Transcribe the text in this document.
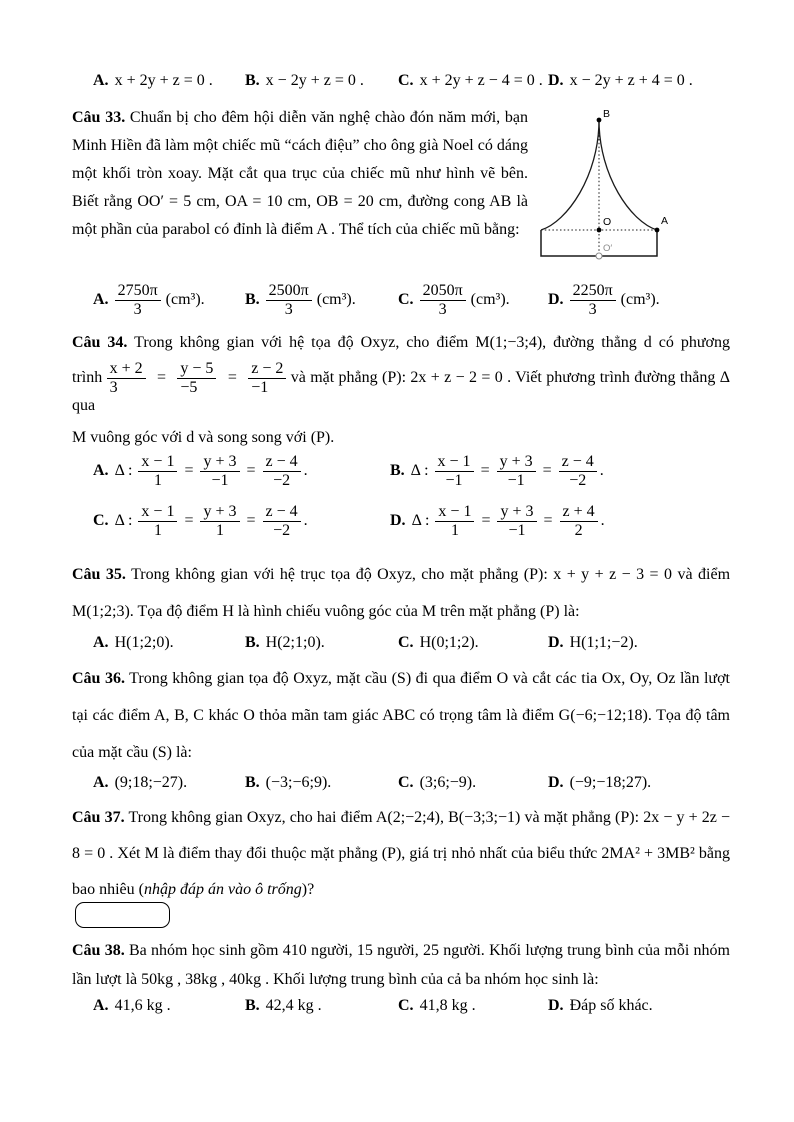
A. x + 2y + z = 0 .	B. x − 2y + z = 0 .	C. x + 2y + z − 4 = 0 . D. x − 2y + z + 4 = 0 .

Câu 33. Chuẩn bị cho đêm hội diễn văn nghệ chào đón năm mới, bạn Minh Hiền đã làm một chiếc mũ “cách điệu” cho ông già Noel có dáng một khối tròn xoay. Mặt cắt qua trục của chiếc mũ như hình vẽ bên. Biết rằng OO′ = 5 cm, OA = 10 cm, OB = 20 cm, đường cong AB là một phần của parabol có đỉnh là điểm A . Thể tích của chiếc mũ bằng:

B
O	A
O′
A. $\frac{2750\pi}{3} (cm^3)$.	B. $\frac{2500\pi}{3} (cm^3)$.	C. $\frac{2050\pi}{3} (cm^3)$. D. $\frac{2250\pi}{3} (cm^3)$.
Câu 34. Trong không gian với hệ tọa độ Oxyz, cho điểm M(1;−3;4), đường thẳng d có phương
trình $\frac{x + 2}{3} = \frac{y - 5}{-5} = \frac{z - 2}{-1}$ và mặt phẳng (P): 2x + z − 2 = 0 . Viết phương trình đường thẳng Δ qua
M vuông góc với d và song song với (P).
A. Δ : $\frac{x - 1}{1} = \frac{y + 3}{-1} = \frac{z - 4}{-2}$ .	B. Δ : $\frac{x - 1}{-1} = \frac{y + 3}{-1} = \frac{z - 4}{-2}$ .
C. Δ : $\frac{x - 1}{1} = \frac{y + 3}{1} = \frac{z - 4}{-2}$ .	D. Δ : $\frac{x - 1}{1} = \frac{y + 3}{-1} = \frac{z + 4}{2}$ .

Câu 35. Trong không gian với hệ trục tọa độ Oxyz, cho mặt phẳng (P): x + y + z − 3 = 0 và điểm M(1;2;3). Tọa độ điểm H là hình chiếu vuông góc của M trên mặt phẳng (P) là:

A. H(1;2;0).	B. H(2;1;0).	C. H(0;1;2).	D. H(1;1;−2).

Câu 36. Trong không gian tọa độ Oxyz, mặt cầu (S) đi qua điểm O và cắt các tia Ox, Oy, Oz lần lượt tại các điểm A, B, C khác O thỏa mãn tam giác ABC có trọng tâm là điểm G(−6;−12;18). Tọa độ tâm của mặt cầu (S) là:

A. (9;18;−27).	B. (−3;−6;9).	C. (3;6;−9).	D. (−9;−18;27).

Câu 37. Trong không gian Oxyz, cho hai điểm A(2;−2;4), B(−3;3;−1) và mặt phẳng (P): 2x − y + 2z − 8 = 0 . Xét M là điểm thay đổi thuộc mặt phẳng (P), giá trị nhỏ nhất của biểu thức 2MA² + 3MB² bằng bao nhiêu (nhập đáp án vào ô trống)?

Câu 38. Ba nhóm học sinh gồm 410 người, 15 người, 25 người. Khối lượng trung bình của mỗi nhóm lần lượt là 50kg , 38kg , 40kg . Khối lượng trung bình của cả ba nhóm học sinh là:

A. 41,6 kg .	B. 42,4 kg .	C. 41,8 kg .	D. Đáp số khác.
